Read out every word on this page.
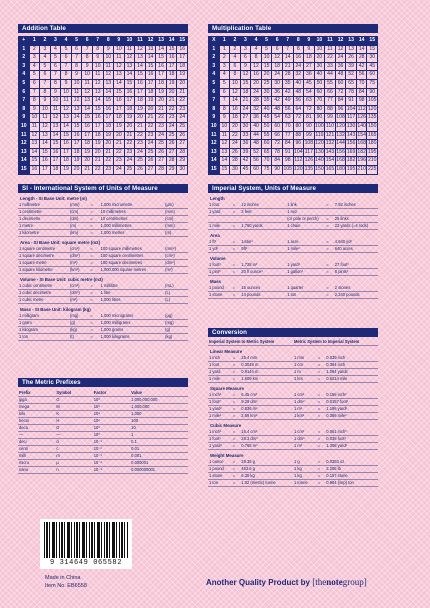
Addition Table
+	1	2	3	4	5	6	7	8	9	10	11	12	13	14	15
1	2	3	4	5	6	7	8	9	10	11	12	13	14	15	16
2	3	4	5	6	7	8	9	10	11	12	13	14	15	16	17
3	4	5	6	7	8	9	10	11	12	13	14	15	16	17	18
4	5	6	7	8	9	10	11	12	13	14	15	16	17	18	19
5	6	7	8	9	10	11	12	13	14	15	16	17	18	19	20
6	7	8	9	10	11	12	13	14	15	16	17	18	19	20	21
7	8	9	10	11	12	13	14	15	16	17	18	19	20	21	22
8	9	10	11	12	13	14	15	16	17	18	19	20	21	22	23
9	10	11	12	13	14	15	16	17	18	19	20	21	22	23	24
10	11	12	13	14	15	16	17	18	19	20	21	22	23	24	25
11	12	13	14	15	16	17	18	19	20	21	22	23	24	25	26
12	13	14	15	16	17	18	19	20	21	22	23	24	25	26	27
13	14	15	16	17	18	19	20	21	22	23	24	25	26	27	28
14	15	16	17	18	19	20	21	22	23	24	25	26	27	28	29
15	16	17	18	19	20	21	22	23	24	25	26	27	28	29	30
Multiplication Table
X	1	2	3	4	5	6	7	8	9	10	11	12	13	14	15
1	1	2	3	4	5	6	7	8	9	10	11	12	13	14	15
2	2	4	6	8	10	12	14	16	18	20	22	24	26	28	30
3	3	6	9	12	15	18	21	24	27	30	33	36	39	42	45
4	4	8	12	16	20	24	28	32	36	40	44	48	52	56	60
5	5	10	15	20	25	30	35	40	45	50	55	60	65	70	75
6	6	12	18	24	30	36	42	48	54	60	66	72	78	84	90
7	7	14	21	28	35	42	49	56	63	70	77	84	91	98	105
8	8	16	24	32	40	48	56	64	72	80	88	96	104	112	120
9	9	18	27	36	45	54	63	72	81	90	99	108	117	126	135
10	10	20	30	40	50	60	70	80	90	100	110	120	130	140	150
11	11	22	33	44	55	66	77	88	99	110	121	132	143	154	165
12	12	24	36	48	60	72	84	96	108	120	132	144	156	168	180
13	13	26	39	52	65	78	91	104	117	130	143	156	169	182	195
14	14	28	42	56	70	84	98	112	126	140	154	168	182	196	210
15	15	30	45	60	75	90	105	120	135	150	165	180	195	210	225
SI - International System of Units of Measure
Length - SI Base Unit: metre (m)
1 millimetre	(mm)	=	1,000 micrometre	(µm)
1 centimetre	(cm)	=	10 millimetres	(mm)
1 decimetre	(dm)	=	10 centimetres	(cm)
1 metre	(m)	=	1,000 millimetres	(mm)
1 kilometre	(km)	=	1,000 metres	(m)
Area - SI Base Unit: square metre (m2)
1 square centimetre	(cm²)	=	100 square millimetres	(mm²)
1 square decimetre	(dm²)	=	100 square centimetres	(cm²)
1 square metre	(m²)	=	100 square decimetres	(dm²)
1 square kilometre	(km²)	=	1,000,000 square metres	(m²)
Volume - SI Base Unit: cubic metre (m3)
1 cubic centimetre	(cm³)	=	1 millilitre	(mL)
1 cubic decimetre	(dm³)	=	1 litre	(L)
1 cubic metre	(m³)	=	1,000 litres	(L)
Mass - SI Base Unit: kilogram (kg)
1 milligram	(mg)	=	1,000 micrograms	(µg)
1 gram	(g)	=	1,000 milligrams	(mg)
1 kilogram	(kg)	=	1,000 grams	(g)
1 ton	(t)	=	1,000 kilograms	(kg)
The Metric Prefixes
Prefix	Symbol	Factor	Value
giga	G	10⁹	1,000,000,000
mega	M	10⁶	1,000,000
kilo	K	10³	1,000
hecto	H	10²	100
deca	D	10¹	10
—	—	10⁰	1
deci	d	10⁻¹	0.1
centi	c	10⁻²	0.01
milli	m	10⁻³	0.001
micro	µ	10⁻⁶	0.000001
nano	n	10⁻⁹	0.000000001
Imperial System, Units of Measure
Length
1 foot	=	12 inches	1 link	=	7.92 inches
1 yard	=	3 feet	1 rod		
			(or pole or perch)	=	25 links
1 mile	=	1,760 yards	1 chain	=	22 yards (=4 rods)
Area
1 ft²	=	144in²	1 acre	=	4,840 yd²
1 yd²	=	9ft²	1 mile²	=	640 acres
Volume
1 foot³	=	1,728 in³	1 yard³	=	27 foot³
1 pint³	=	20 fl ounce³	1 gallon³	=	8 pints³
Mass
1 pound	=	16 ounces	1 quarter	=	2 stones
1 stone	=	14 pounds	1 ton	=	2,240 pounds
Conversion
Imperial System to Metric System	Metric System to Imperial System
Linear Measure
1 inch	=	25.4 mm	1 mm	=	0.039 inch
1 foot	=	0.3048 m	1 cm	=	0.394 inch
1 yard	=	0.9144 m	1 m	=	1.094 yards
1 mile	=	1.609 km	1 km	=	0.6214 mile
Square Measure
1 inch²	=	6.45 cm²	1 cm²	=	0.155 inch²
1 foot²	=	9.29 dm²	1 dm²	=	0.0157 foot²
1 yard²	=	0.836 m²	1 m²	=	1.196 yard²
1 mile²	=	2.59 km²	1 km²	=	0.386 mile²
Cubic Measure
1 inch³	=	16.4 cm³	1 cm³	=	0.061 inch³
1 foot³	=	28.3 dm³	1 dm³	=	0.035 foot³
1 yard³	=	0.765 m³	1 m³	=	1.308 yard³
Weight Measure
1 ounce	=	28.35 g	1 g	=	0.0353 oz
1 pound	=	453.6 g	1 kg	=	2.205 lb
1 stone	=	6.35 kg	1 kg	=	0.157 stone
1 ton	=	1.02 (metric) tonne	1 tonne	=	0.984 (imp) ton
9 314649 065582
Made in China
Item No. EB6558	Another Quality Product by [thenotegroup]
